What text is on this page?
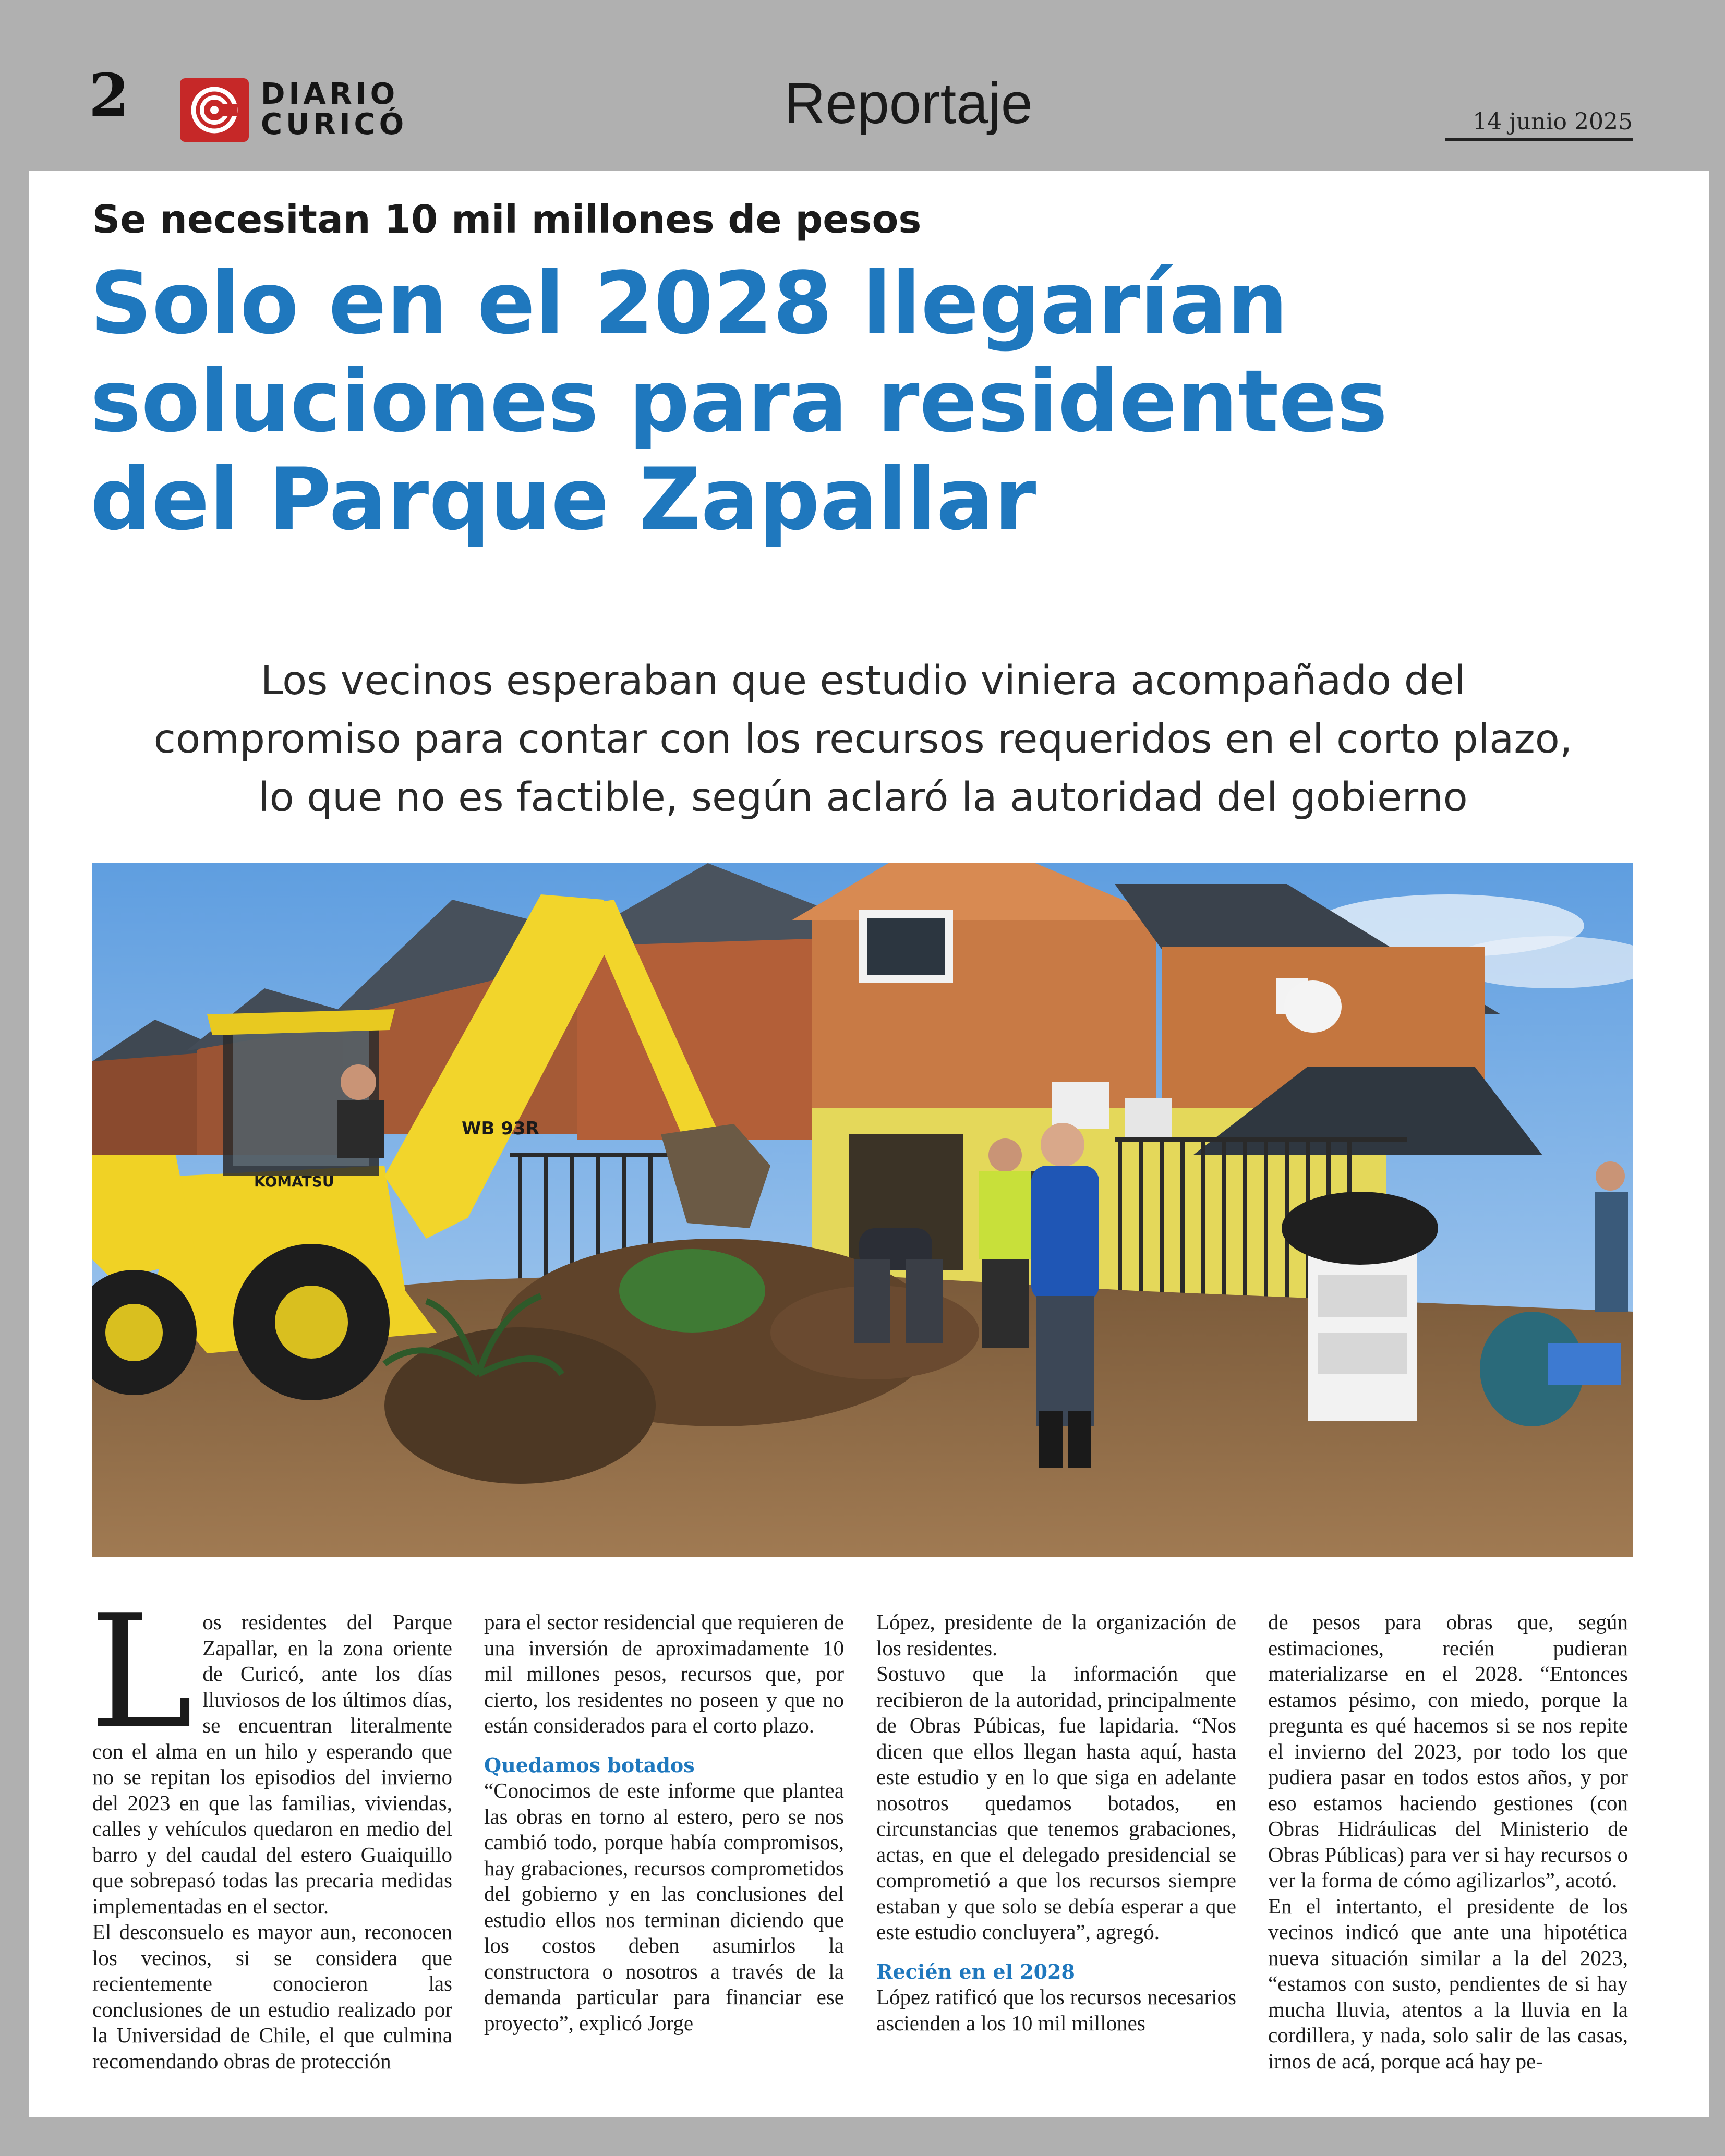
2	DIARIO
CURICÓ	Reportaje	14 junio 2025
Se necesitan 10 mil millones de pesos
Solo en el 2028 llegarían
soluciones para residentes
del Parque Zapallar
Los vecinos esperaban que estudio viniera acompañado del
compromiso para contar con los recursos requeridos en el corto plazo,
lo que no es factible, según aclaró la autoridad del gobierno
KOMATSU
WB 93R
L os residentes del Parque Zapallar, en la zona oriente de Curicó, ante los días lluviosos de los últimos días, se encuentran literalmente con el alma en un hilo y esperando que no se repitan los episodios del invierno del 2023 en que las familias, viviendas, calles y vehículos quedaron en medio del barro y del caudal del estero Guaiquillo que sobrepasó todas las precaria medidas implementadas en el sector.

El desconsuelo es mayor aun, reconocen los vecinos, si se considera que recientemente conocieron las conclusiones de un estudio realizado por la Universidad de Chile, el que culmina recomendando obras de protección

para el sector residencial que requieren de una inversión de aproximadamente 10 mil millones pesos, recursos que, por cierto, los residentes no poseen y que no están considerados para el corto plazo.

Quedamos botados

“Conocimos de este informe que plantea las obras en torno al estero, pero se nos cambió todo, porque había compromisos, hay grabaciones, recursos comprometidos del gobierno y en las conclusiones del estudio ellos nos terminan diciendo que los costos deben asumirlos la constructora o nosotros a través de la demanda particular para financiar ese proyecto”, explicó Jorge

López, presidente de la organización de los residentes.

Sostuvo que la información que recibieron de la autoridad, principalmente de Obras Púbicas, fue lapidaria. “Nos dicen que ellos llegan hasta aquí, hasta este estudio y en lo que siga en adelante nosotros quedamos botados, en circunstancias que tenemos grabaciones, actas, en que el delegado presidencial se comprometió a que los recursos siempre estaban y que solo se debía esperar a que este estudio concluyera”, agregó.

Recién en el 2028

López ratificó que los recursos necesarios ascienden a los 10 mil millones

de pesos para obras que, según estimaciones, recién pudieran materializarse en el 2028. “Entonces estamos pésimo, con miedo, porque la pregunta es qué hacemos si se nos repite el invierno del 2023, por todo los que pudiera pasar en todos estos años, y por eso estamos haciendo gestiones (con Obras Hidráulicas del Ministerio de Obras Públicas) para ver si hay recursos o ver la forma de cómo agilizarlos”, acotó.

En el intertanto, el presidente de los vecinos indicó que ante una hipotética nueva situación similar a la del 2023, “estamos con susto, pendientes de si hay mucha lluvia, atentos a la lluvia en la cordillera, y nada, solo salir de las casas, irnos de acá, porque acá hay pe-
